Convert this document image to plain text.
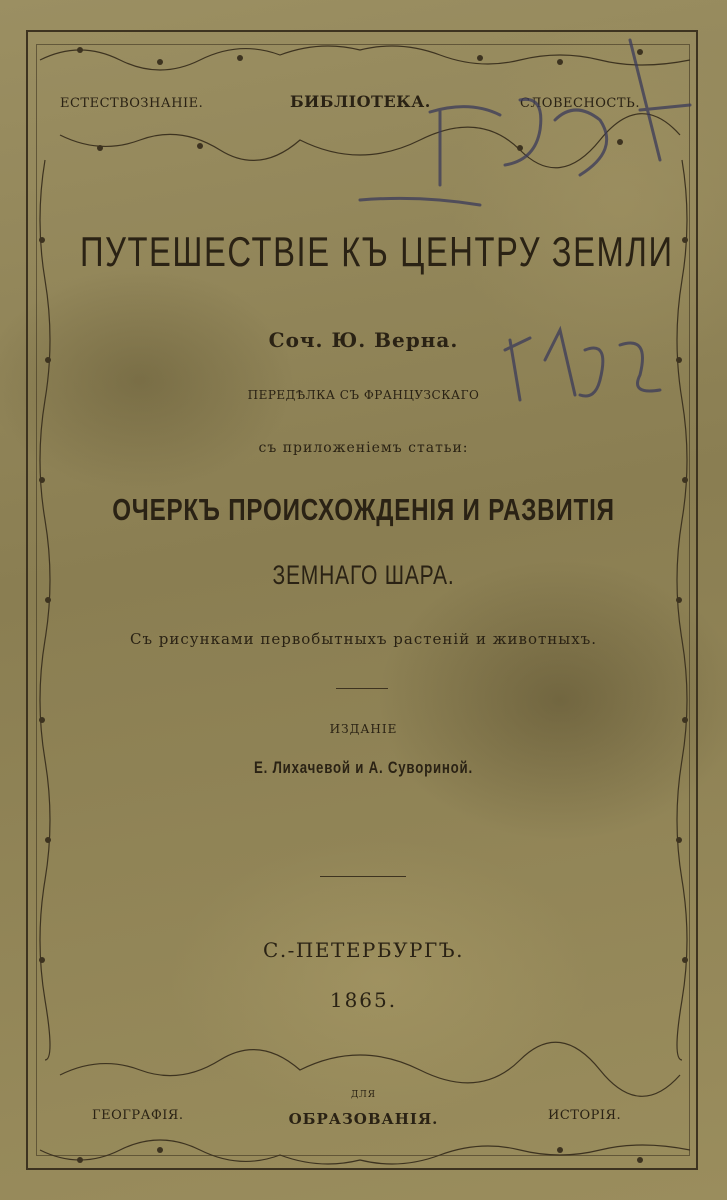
ЕСТЕСТВОЗНАНІЕ.	БИБЛІОТЕКА.	СЛОВЕСНОСТЬ.
ПУТЕШЕСТВІЕ КЪ ЦЕНТРУ ЗЕМЛИ
Соч. Ю. Верна.
ПЕРЕДѢЛКА СЪ ФРАНЦУЗСКАГО
съ приложеніемъ статьи:
ОЧЕРКЪ ПРОИСХОЖДЕНІЯ И РАЗВИТІЯ
ЗЕМНАГО ШАРА.
Съ рисунками первобытныхъ растеній и животныхъ.
ИЗДАНІЕ
Е. Лихачевой и А. Сувориной.
С.-ПЕТЕРБУРГЪ.
1865.
ГЕОГРАФІЯ.
ДЛЯ
ОБРАЗОВАНІЯ.	ИСТОРІЯ.
